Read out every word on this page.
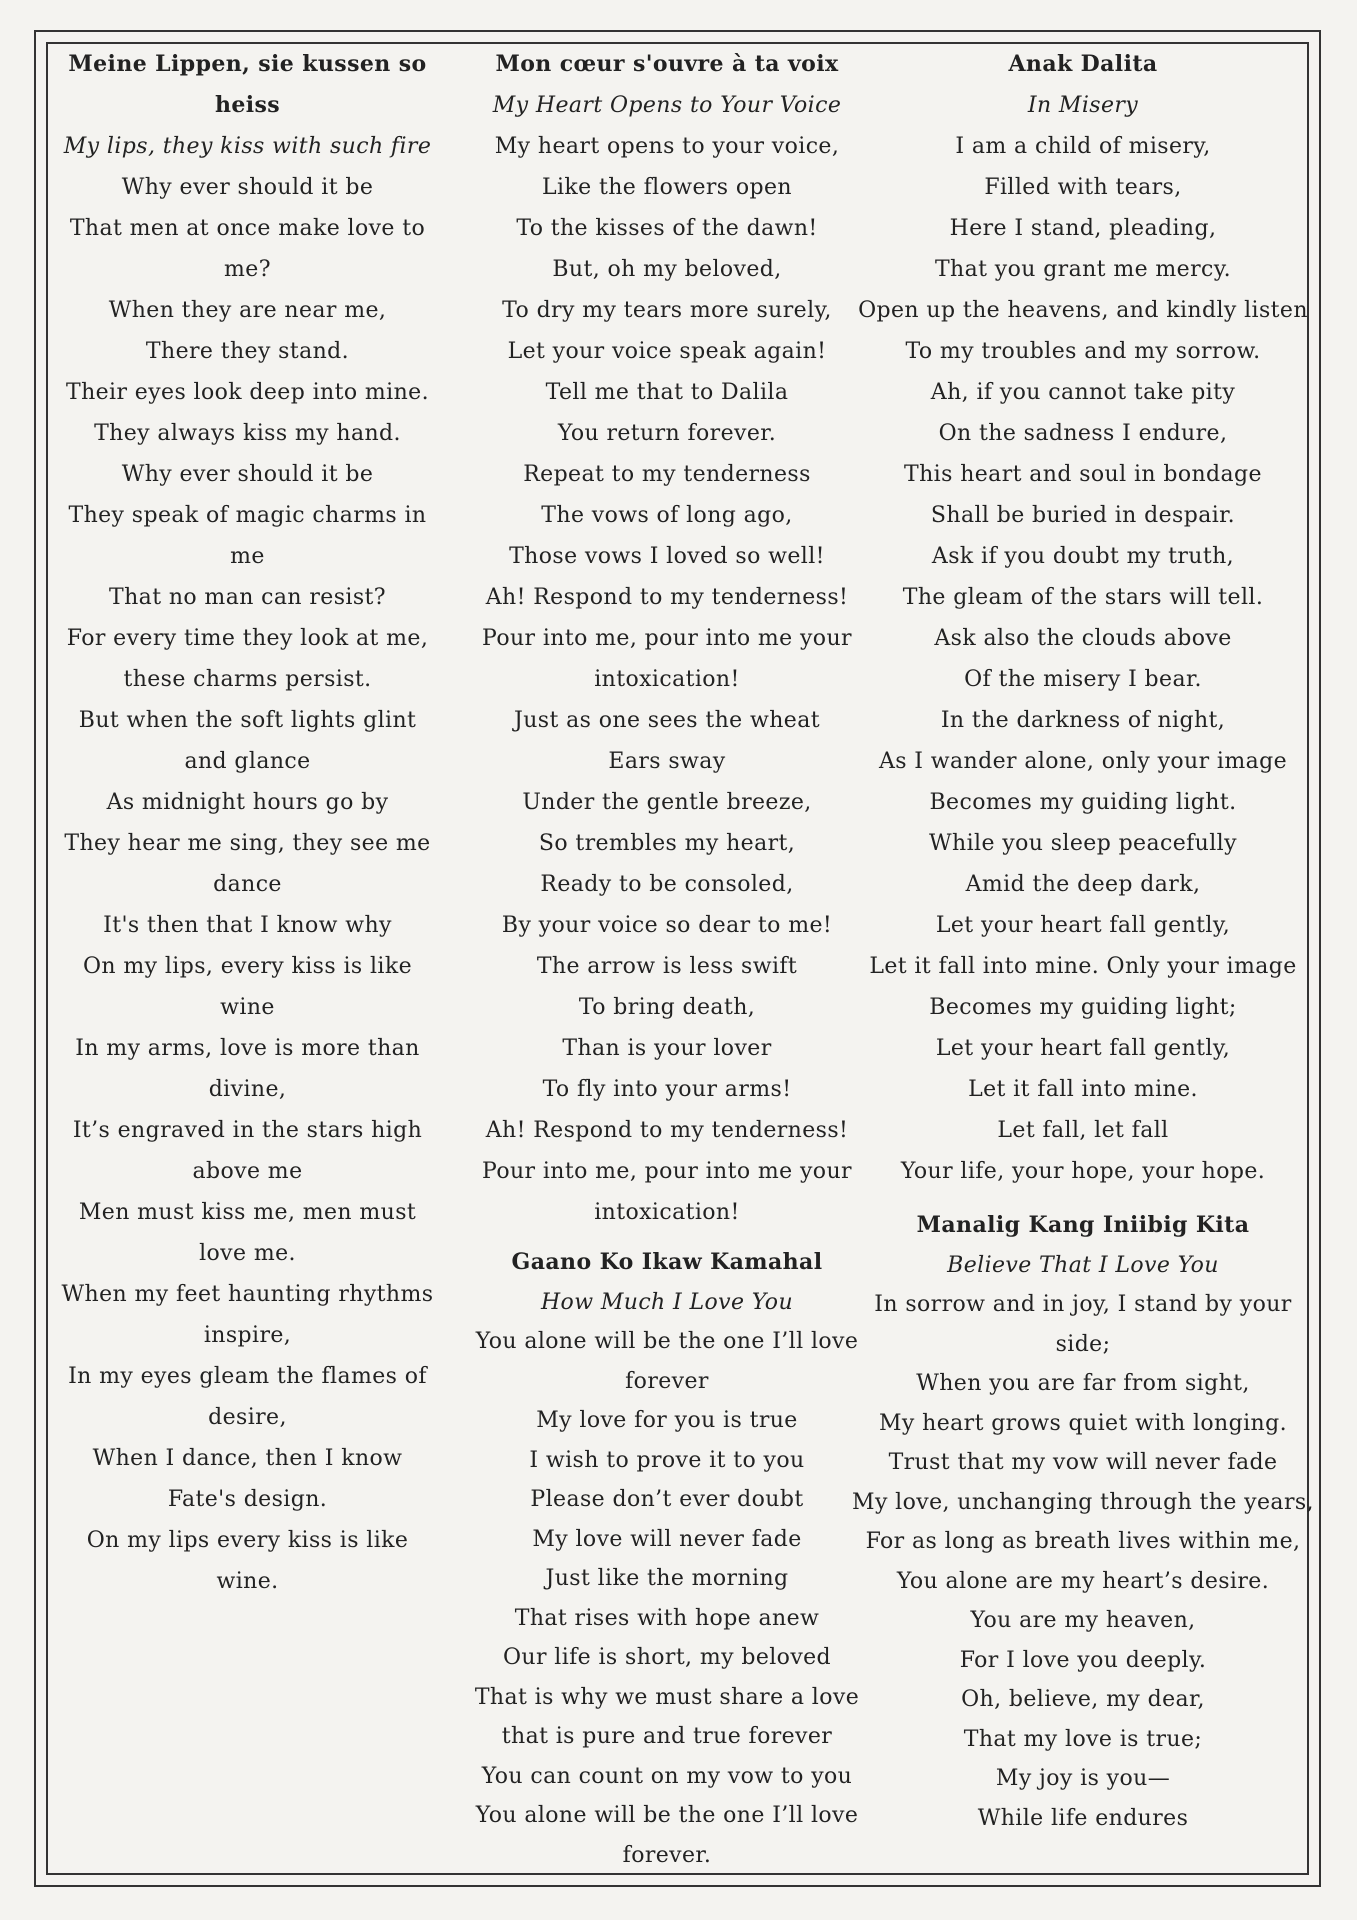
Meine Lippen, sie kussen so heiss

My lips, they kiss with such fire

Why ever should it be

That men at once make love to me?

When they are near me,

There they stand.

Their eyes look deep into mine.

They always kiss my hand.

Why ever should it be

They speak of magic charms in me

That no man can resist?

For every time they look at me, these charms persist.

But when the soft lights glint and glance

As midnight hours go by

They hear me sing, they see me dance

It's then that I know why

On my lips, every kiss is like wine

In my arms, love is more than divine,

It’s engraved in the stars high above me

Men must kiss me, men must love me.

When my feet haunting rhythms inspire,

In my eyes gleam the flames of desire,

When I dance, then I know Fate's design.

On my lips every kiss is like wine.

Mon cœur s'ouvre à ta voix

My Heart Opens to Your Voice

My heart opens to your voice,

Like the flowers open

To the kisses of the dawn!

But, oh my beloved,

To dry my tears more surely,

Let your voice speak again!

Tell me that to Dalila

You return forever.

Repeat to my tenderness

The vows of long ago,

Those vows I loved so well!

Ah! Respond to my tenderness!

Pour into me, pour into me your intoxication!

Just as one sees the wheat

Ears sway

Under the gentle breeze,

So trembles my heart,

Ready to be consoled,

By your voice so dear to me!

The arrow is less swift

To bring death,

Than is your lover

To fly into your arms!

Ah! Respond to my tenderness!

Pour into me, pour into me your intoxication!

Gaano Ko Ikaw Kamahal

How Much I Love You

You alone will be the one I’ll love forever

My love for you is true

I wish to prove it to you

Please don’t ever doubt

My love will never fade

Just like the morning

That rises with hope anew

Our life is short, my beloved

That is why we must share a love that is pure and true forever

You can count on my vow to you

You alone will be the one I’ll love forever.

Anak Dalita

In Misery

I am a child of misery,

Filled with tears,

Here I stand, pleading,

That you grant me mercy.

Open up the heavens, and kindly listen

To my troubles and my sorrow.

Ah, if you cannot take pity

On the sadness I endure,

This heart and soul in bondage

Shall be buried in despair.

Ask if you doubt my truth,

The gleam of the stars will tell.

Ask also the clouds above

Of the misery I bear.

In the darkness of night,

As I wander alone, only your image

Becomes my guiding light.

While you sleep peacefully

Amid the deep dark,

Let your heart fall gently,

Let it fall into mine. Only your image

Becomes my guiding light;

Let your heart fall gently,

Let it fall into mine.

Let fall, let fall

Your life, your hope, your hope.

Manalig Kang Iniibig Kita

Believe That I Love You

In sorrow and in joy, I stand by your side;

When you are far from sight,

My heart grows quiet with longing.

Trust that my vow will never fade

My love, unchanging through the years,

For as long as breath lives within me,

You alone are my heart’s desire.

You are my heaven,

For I love you deeply.

Oh, believe, my dear,

That my love is true;

My joy is you—

While life endures
